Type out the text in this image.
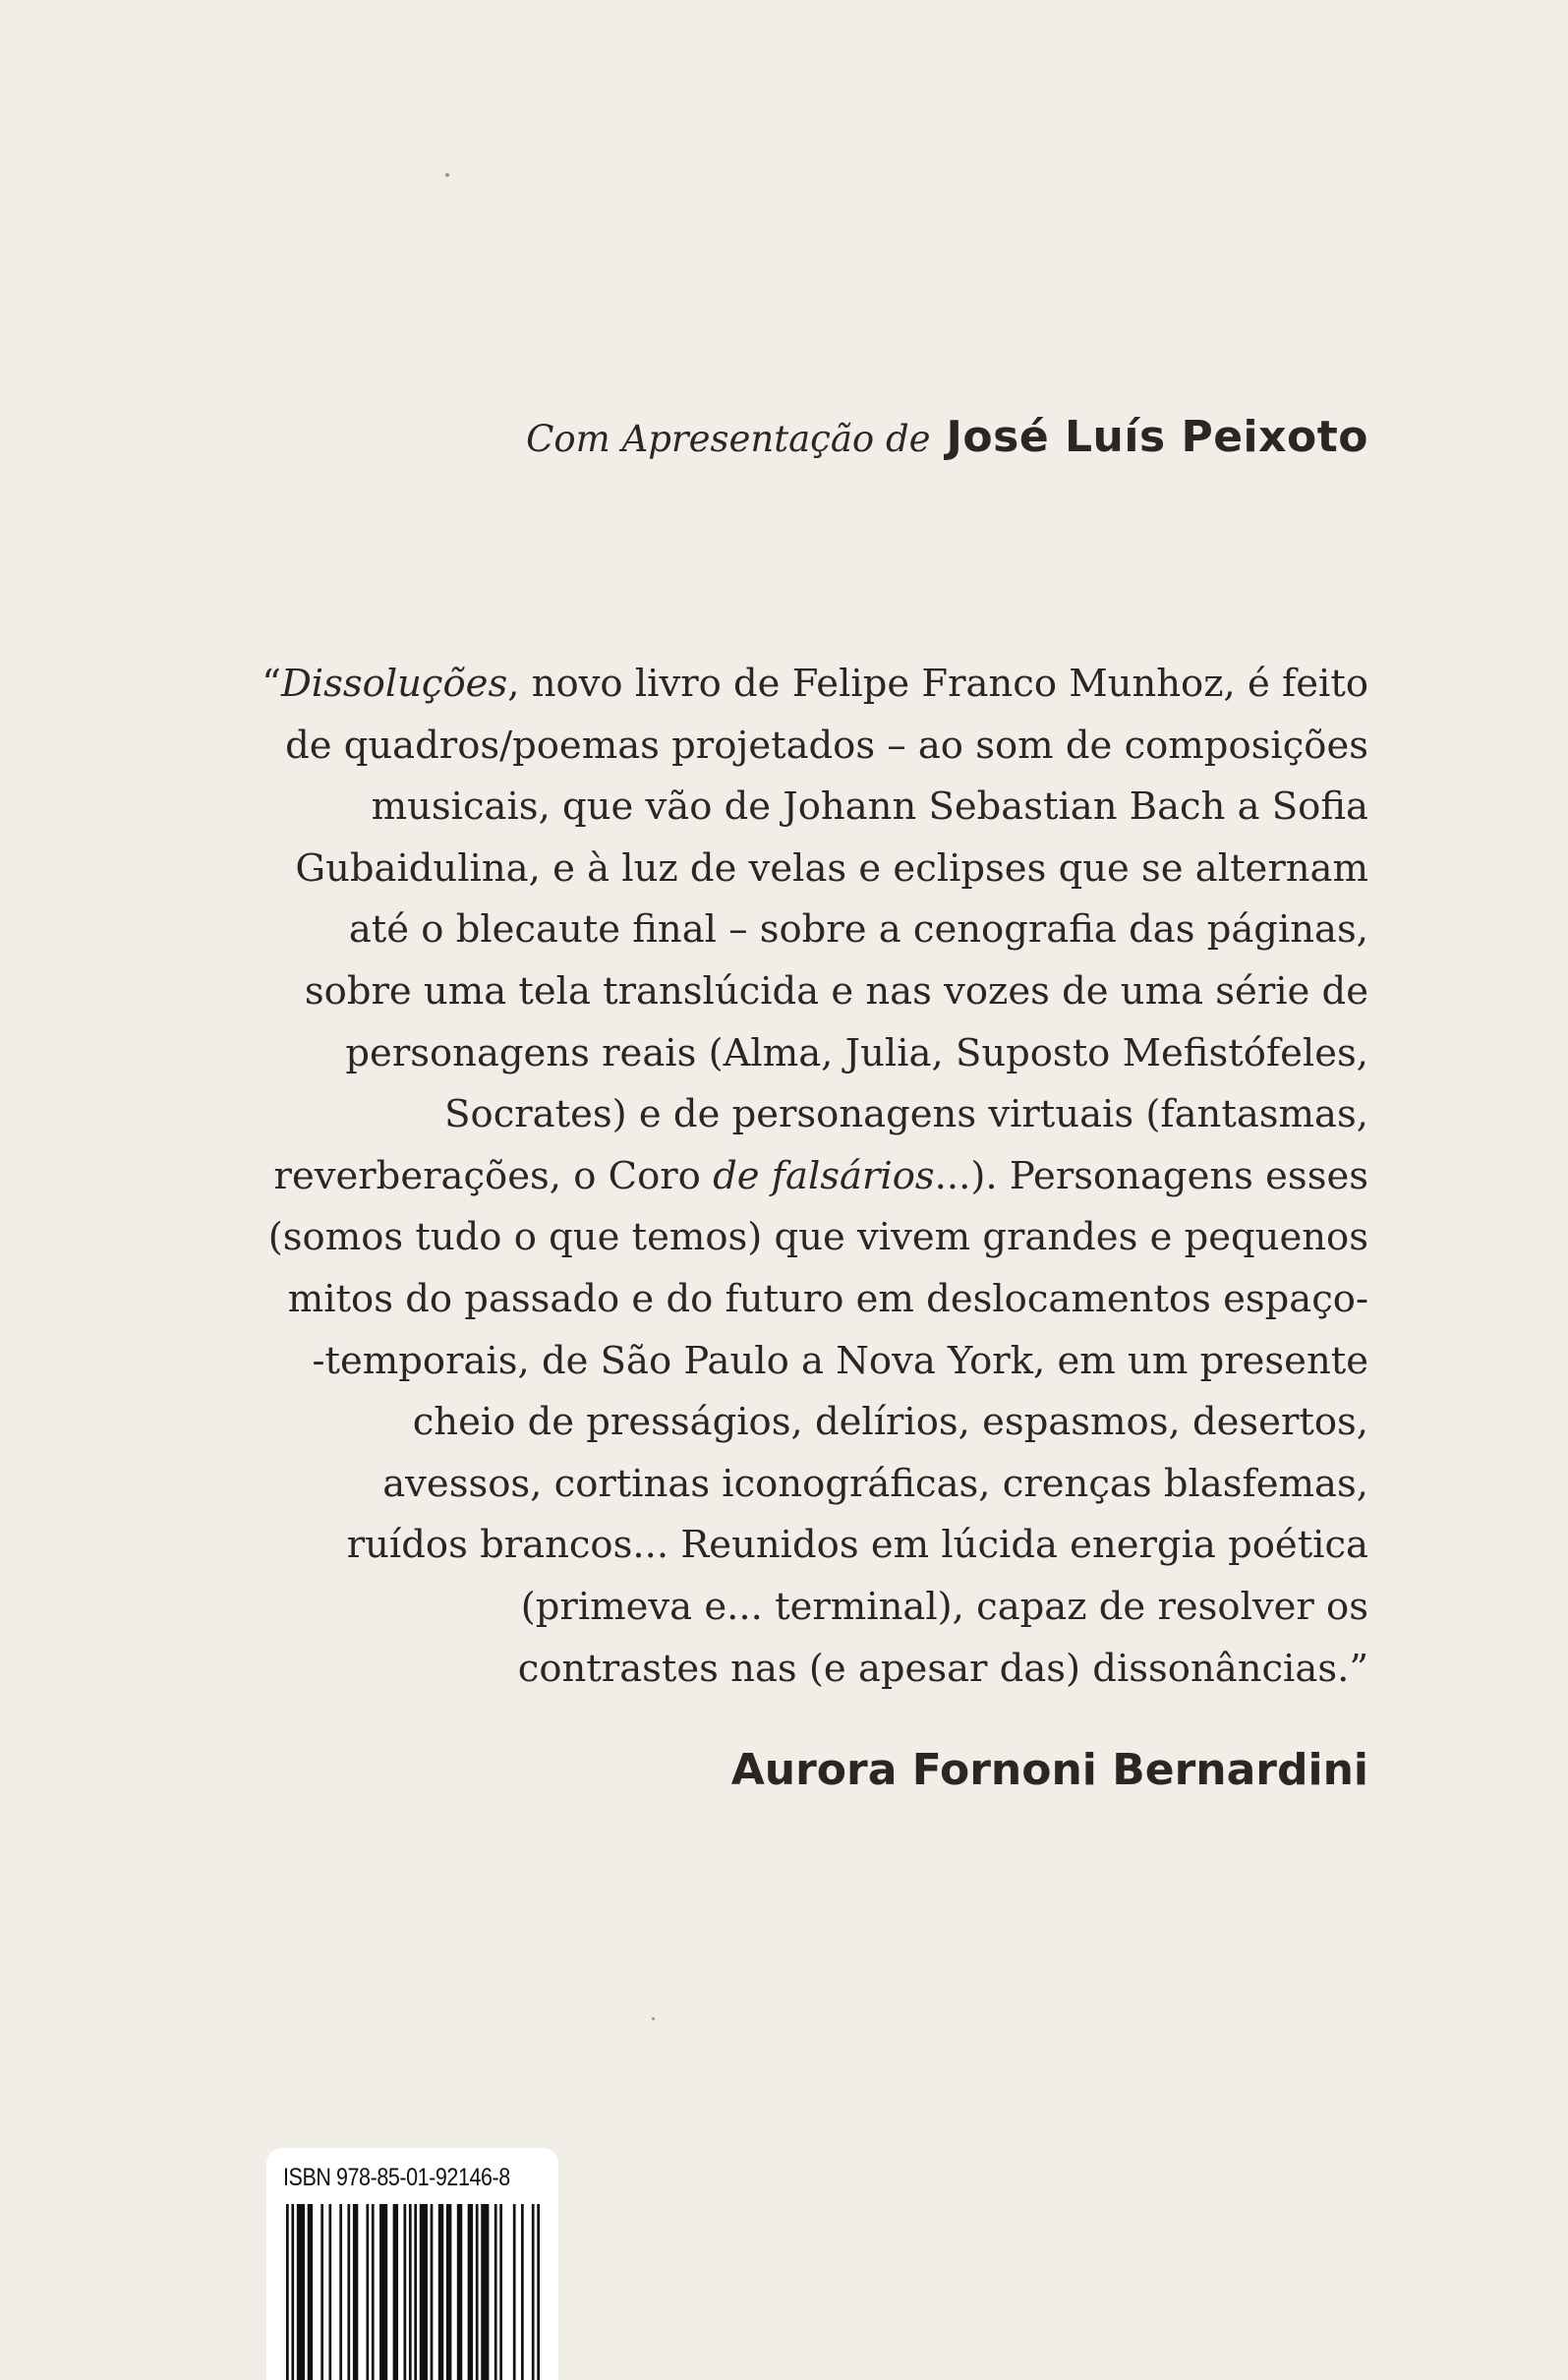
Com Apresentação de José Luís Peixoto
“Dissoluções, novo livro de Felipe Franco Munhoz, é feito
de quadros/poemas projetados – ao som de composições
musicais, que vão de Johann Sebastian Bach a Sofia
Gubaidulina, e à luz de velas e eclipses que se alternam
até o blecaute final – sobre a cenografia das páginas,
sobre uma tela translúcida e nas vozes de uma série de
personagens reais (Alma, Julia, Suposto Mefistófeles,
Socrates) e de personagens virtuais (fantasmas,
reverberações, o Coro de falsários...). Personagens esses
(somos tudo o que temos) que vivem grandes e pequenos
mitos do passado e do futuro em deslocamentos espaço-
-temporais, de São Paulo a Nova York, em um presente
cheio de presságios, delírios, espasmos, desertos,
avessos, cortinas iconográficas, crenças blasfemas,
ruídos brancos... Reunidos em lúcida energia poética
(primeva e... terminal), capaz de resolver os
contrastes nas (e apesar das) dissonâncias.”
Aurora Fornoni Bernardini
ISBN 978-85-01-92146-8
